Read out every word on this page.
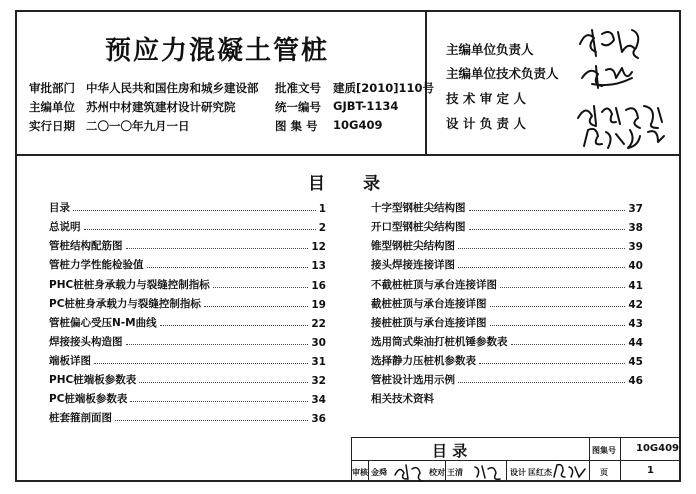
预应力混凝土管桩
审批部门 中华人民共和国住房和城乡建设部 批准文号 建质[2010]110号
主编单位 苏州中材建筑建材设计研究院	统一编号 GJBT-1134
实行日期 二〇一〇年九月一日	图 集 号 10G409
主编单位负责人
主编单位技术负责人
技 术 审 定 人
设 计 负 责 人
目 录
目录	1
总说明	2
管桩结构配筋图	12
管桩力学性能检验值	13
PHC桩桩身承载力与裂缝控制指标	16
PC桩桩身承载力与裂缝控制指标	19
管桩偏心受压N-M曲线	22
焊接接头构造图	30
端板详图	31
PHC桩端板参数表	32
PC桩端板参数表	34
桩套箍剖面图	36
十字型钢桩尖结构图	37
开口型钢桩尖结构图	38
锥型钢桩尖结构图	39
接头焊接连接详图	40
不截桩桩顶与承台连接详图	41
截桩桩顶与承台连接详图	42
接桩桩顶与承台连接详图	43
选用筒式柴油打桩机锤参数表	44
选择静力压桩机参数表	45
管桩设计选用示例	46
相关技术资料
目 录	图集号 10G409
页	1
审核 金舜	校对 王清	设计 匡红杰
